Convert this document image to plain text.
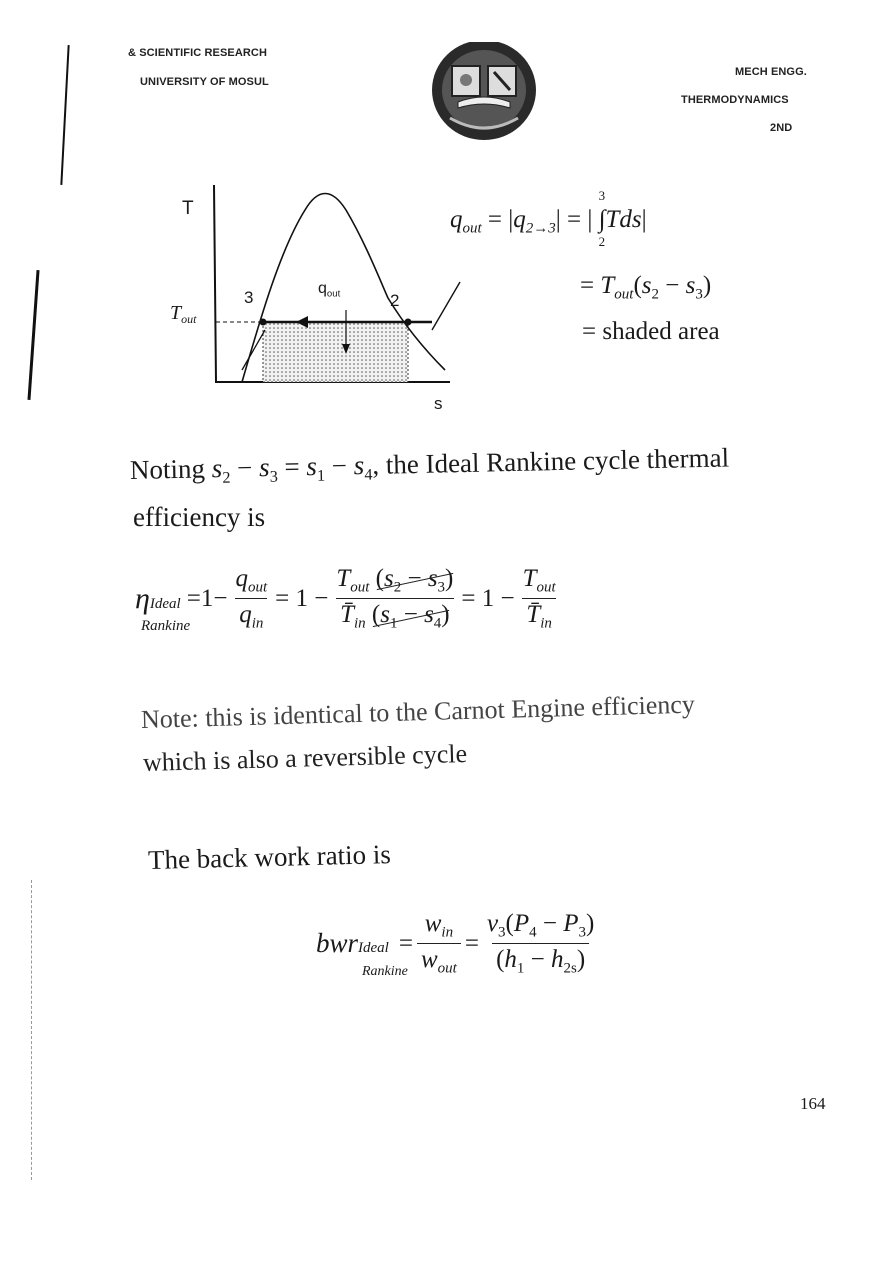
& SCIENTIFIC RESEARCH
UNIVERSITY OF MOSUL
MECH ENGG.
THERMODYNAMICS
2ND
T
s
$T_{out}$
3	2
$q_{out}$
$q_{out} = |q_{2\to 3}|$ = |
3
∫Tds
2
|
= $T_{out}(s_2 - s_3)$
= shaded area
Noting $s_2 - s_3 = s_1 - s_4$, the Ideal Rankine cycle thermal
efficiency is
ηIdeal
Rankine
= $1 - \frac{q_{out}}{q_{in}} = 1 - \frac{T_{out} (s_2 - s_3)}{T̄_{in} (s_1 - s_4)} = 1 - \frac{T_{out}}{T̄_{in}}$
Note: this is identical to the Carnot Engine efficiency
which is also a reversible cycle
The back work ratio is
bwrIdeal
Rankine
= $\frac{w_{in}}{w_{out}} = \frac{v_3(P_4 - P_3)}{(h_1 - h_{2s})}$
164
